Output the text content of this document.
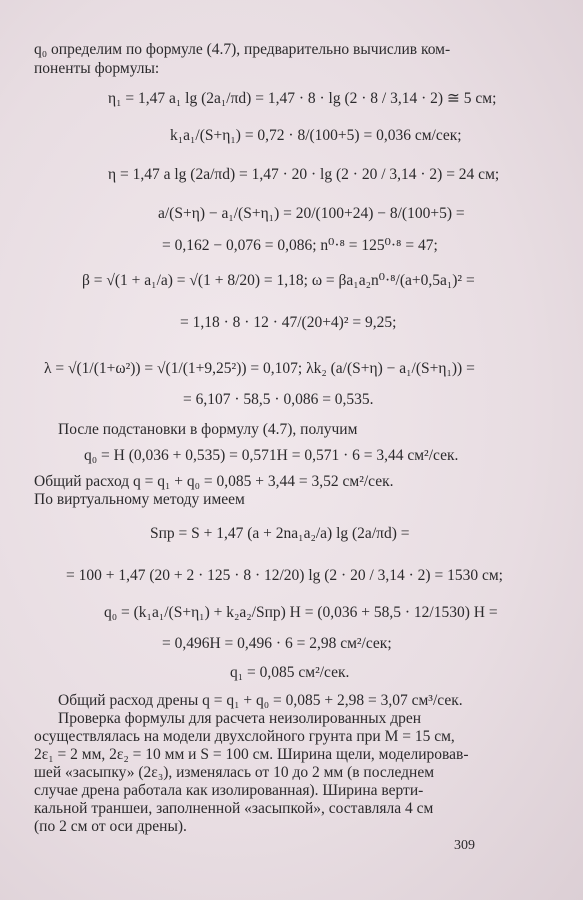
q₀ определим по формуле (4.7), предварительно вычислив ком-
поненты формулы:
η₁ = 1,47 a₁ lg (2a₁/πd) = 1,47 · 8 · lg (2 · 8 / 3,14 · 2) ≅ 5 см;
k₁a₁/(S+η₁) = 0,72 · 8/(100+5) = 0,036 см/сек;
η = 1,47 a lg (2a/πd) = 1,47 · 20 · lg (2 · 20 / 3,14 · 2) = 24 см;
a/(S+η) − a₁/(S+η₁) = 20/(100+24) − 8/(100+5) =
= 0,162 − 0,076 = 0,086; n⁰·⁸ = 125⁰·⁸ = 47;
β = √(1 + a₁/a) = √(1 + 8/20) = 1,18; ω = βa₁a₂n⁰·⁸/(a+0,5a₁)² =
= 1,18 · 8 · 12 · 47/(20+4)² = 9,25;
λ = √(1/(1+ω²)) = √(1/(1+9,25²)) = 0,107; λk₂ (a/(S+η) − a₁/(S+η₁)) =
= 6,107 · 58,5 · 0,086 = 0,535.
После подстановки в формулу (4.7), получим
q₀ = H (0,036 + 0,535) = 0,571H = 0,571 · 6 = 3,44 см²/сек.
Общий расход q = q₁ + q₀ = 0,085 + 3,44 = 3,52 см²/сек.
По виртуальному методу имеем
Sпр = S + 1,47 (a + 2na₁a₂/a) lg (2a/πd) =
= 100 + 1,47 (20 + 2 · 125 · 8 · 12/20) lg (2 · 20 / 3,14 · 2) = 1530 см;
q₀ = (k₁a₁/(S+η₁) + k₂a₂/Sпр) H = (0,036 + 58,5 · 12/1530) H =
= 0,496H = 0,496 · 6 = 2,98 см²/сек;
q₁ = 0,085 см²/сек.
Общий расход дрены q = q₁ + q₀ = 0,085 + 2,98 = 3,07 см³/сек.
Проверка формулы для расчета неизолированных дрен
осуществлялась на модели двухслойного грунта при M = 15 см,
2ε₁ = 2 мм, 2ε₂ = 10 мм и S = 100 см. Ширина щели, моделировав-
шей «засыпку» (2ε₃), изменялась от 10 до 2 мм (в последнем
случае дрена работала как изолированная). Ширина верти-
кальной траншеи, заполненной «засыпкой», составляла 4 см
(по 2 см от оси дрены).
309
